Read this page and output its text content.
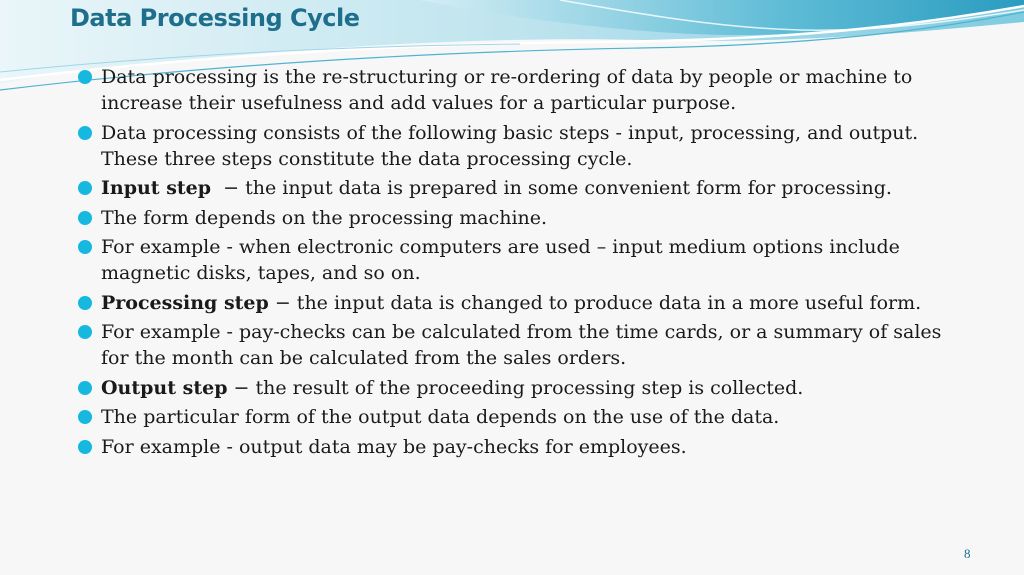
Data Processing Cycle
Data processing is the re-structuring or re-ordering of data by people or machine to increase their usefulness and add values for a particular purpose.
Data processing consists of the following basic steps - input, processing, and output. These three steps constitute the data processing cycle.
Input step  − the input data is prepared in some convenient form for processing.
The form depends on the processing machine.
For example - when electronic computers are used – input medium options include magnetic disks, tapes, and so on.
Processing step − the input data is changed to produce data in a more useful form.
For example - pay-checks can be calculated from the time cards, or a summary of sales for the month can be calculated from the sales orders.
Output step − the result of the proceeding processing step is collected.
The particular form of the output data depends on the use of the data.
For example - output data may be pay-checks for employees.
8
